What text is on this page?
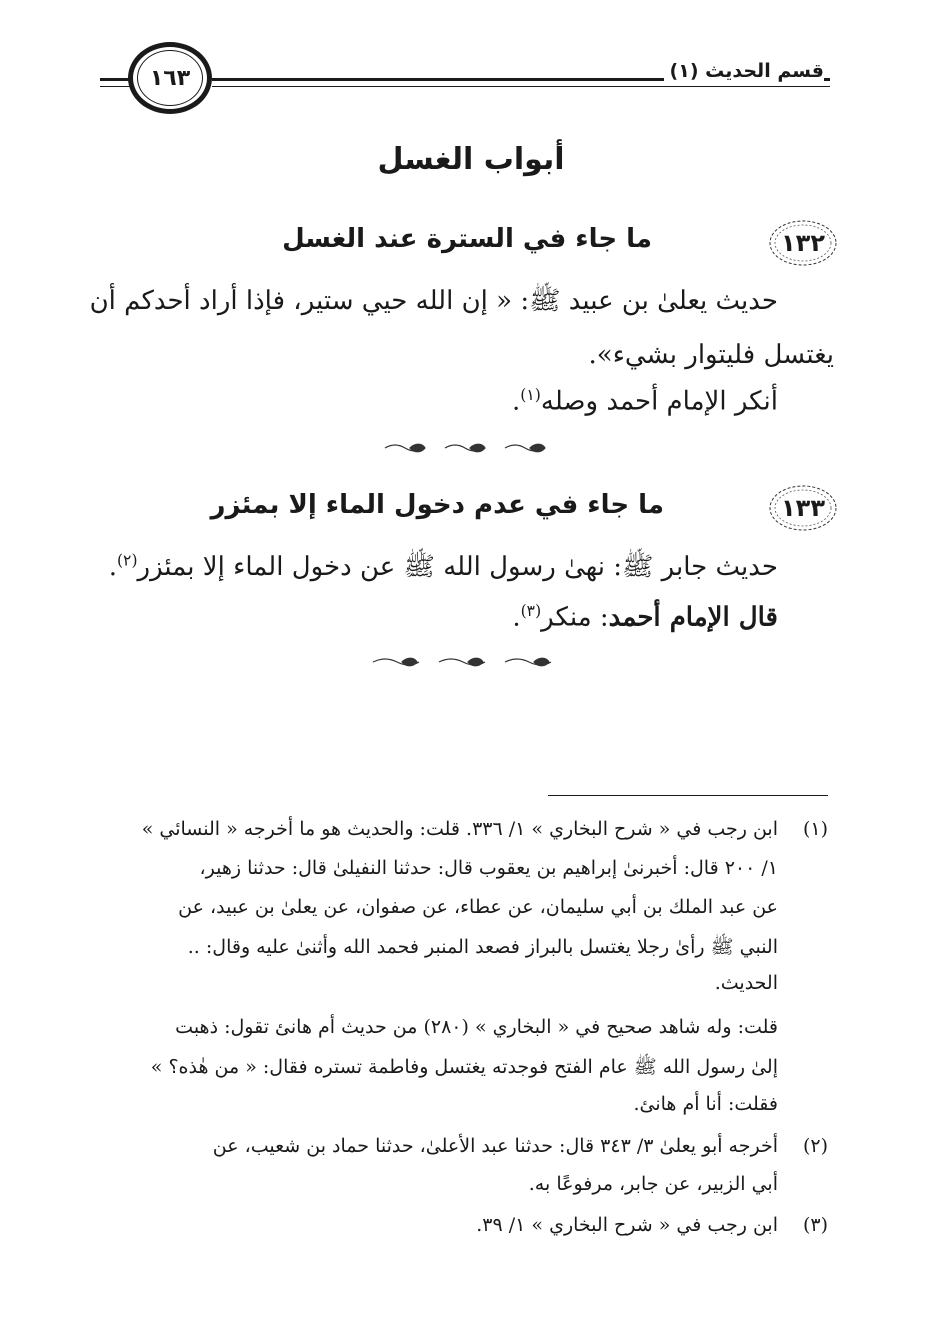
قسم الحديث (١)
١٦٣
أبواب الغسل
١٣٢
ما جاء في السترة عند الغسل
حديث يعلىٰ بن عبيد ﷺ: « إن الله حيي ستير، فإذا أراد أحدكم أن
يغتسل فليتوار بشيء».
أنكر الإمام أحمد وصله$^{(١)}$.
١٣٣
ما جاء في عدم دخول الماء إلا بمئزر
حديث جابر ﷺ: نهىٰ رسول الله ﷺ عن دخول الماء إلا بمئزر$^{(٢)}$.
قال الإمام أحمد: منكر$^{(٣)}$.
(١)
ابن رجب في « شرح البخاري » ١/ ٣٣٦. قلت: والحديث هو ما أخرجه « النسائي »
١/ ٢٠٠ قال: أخبرنىٰ إبراهيم بن يعقوب قال: حدثنا النفيلىٰ قال: حدثنا زهير،
عن عبد الملك بن أبي سليمان، عن عطاء، عن صفوان، عن يعلىٰ بن عبيد، عن
النبي ﷺ رأىٰ رجلا يغتسل بالبراز فصعد المنبر فحمد الله وأثنىٰ عليه وقال: ..
الحديث.
قلت: وله شاهد صحيح في « البخاري » (٢٨٠) من حديث أم هانئ تقول: ذهبت
إلىٰ رسول الله ﷺ عام الفتح فوجدته يغتسل وفاطمة تستره فقال: « من هٰذه؟ »
فقلت: أنا أم هانئ.
(٢)
أخرجه أبو يعلىٰ ٣/ ٣٤٣ قال: حدثنا عبد الأعلىٰ، حدثنا حماد بن شعيب، عن
أبي الزبير، عن جابر، مرفوعًا به.
(٣)
ابن رجب في « شرح البخاري » ١/ ٣٩.
